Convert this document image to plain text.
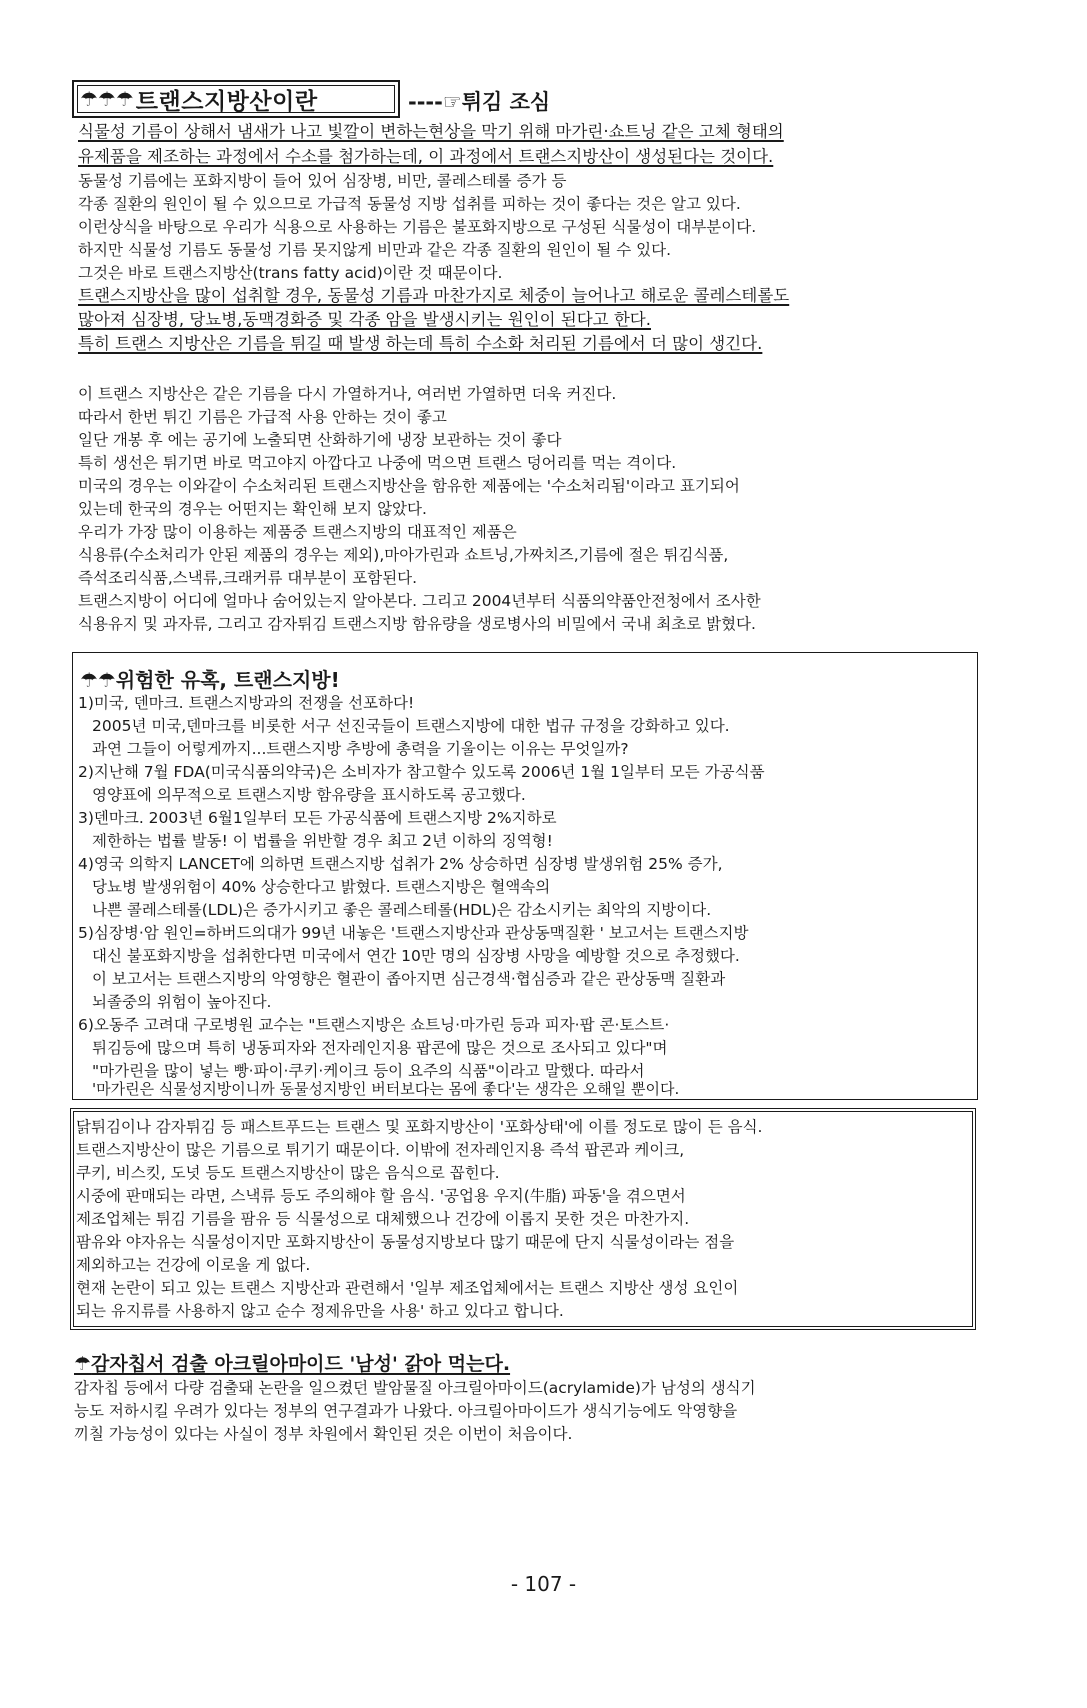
☂☂☂ 트랜스지방산이란	----☞튀김 조심
식물성 기름이 상해서 냄새가 나고 빛깔이 변하는현상을 막기 위해 마가린·쇼트닝 같은 고체 형태의
유제품을 제조하는 과정에서 수소를 첨가하는데, 이 과정에서 트랜스지방산이 생성된다는 것이다.
동물성 기름에는 포화지방이 들어 있어 심장병, 비만, 콜레스테롤 증가 등
각종 질환의 원인이 될 수 있으므로 가급적 동물성 지방 섭취를 피하는 것이 좋다는 것은 알고 있다.
이런상식을 바탕으로 우리가 식용으로 사용하는 기름은 불포화지방으로 구성된 식물성이 대부분이다.
하지만 식물성 기름도 동물성 기름 못지않게 비만과 같은 각종 질환의 원인이 될 수 있다.
그것은 바로 트랜스지방산(trans fatty acid)이란 것 때문이다.
트랜스지방산을 많이 섭취할 경우, 동물성 기름과 마찬가지로 체중이 늘어나고 해로운 콜레스테롤도
많아져 심장병, 당뇨병,동맥경화증 및 각종 암을 발생시키는 원인이 된다고 한다.
특히 트랜스 지방산은 기름을 튀길 때 발생 하는데 특히 수소화 처리된 기름에서 더 많이 생긴다.
이 트랜스 지방산은 같은 기름을 다시 가열하거나, 여러번 가열하면 더욱 커진다.
따라서 한번 튀긴 기름은 가급적 사용 안하는 것이 좋고
일단 개봉 후 에는 공기에 노출되면 산화하기에 냉장 보관하는 것이 좋다
특히 생선은 튀기면 바로 먹고야지 아깝다고 나중에 먹으면 트랜스 덩어리를 먹는 격이다.
미국의 경우는 이와같이 수소처리된 트랜스지방산을 함유한 제품에는 '수소처리됨'이라고 표기되어
있는데 한국의 경우는 어떤지는 확인해 보지 않았다.
우리가 가장 많이 이용하는 제품중 트랜스지방의 대표적인 제품은
식용류(수소처리가 안된 제품의 경우는 제외),마아가린과 쇼트닝,가짜치즈,기름에 절은 튀김식품,
즉석조리식품,스낵류,크래커류 대부분이 포함된다.
트랜스지방이 어디에 얼마나 숨어있는지 알아본다. 그리고 2004년부터 식품의약품안전청에서 조사한
식용유지 및 과자류, 그리고 감자튀김 트랜스지방 함유량을 생로병사의 비밀에서 국내 최초로 밝혔다.
☂☂위험한 유혹, 트랜스지방!
1)미국, 덴마크. 트랜스지방과의 전쟁을 선포하다!
2005년 미국,덴마크를 비롯한 서구 선진국들이 트랜스지방에 대한 법규 규정을 강화하고 있다.
과연 그들이 어렇게까지...트랜스지방 추방에 총력을 기울이는 이유는 무엇일까?
2)지난해 7월 FDA(미국식품의약국)은 소비자가 참고할수 있도록 2006년 1월 1일부터 모든 가공식품
영양표에 의무적으로 트랜스지방 함유량을 표시하도록 공고했다.
3)덴마크. 2003년 6월1일부터 모든 가공식품에 트랜스지방 2%지하로
제한하는 법률 발동! 이 법률을 위반할 경우 최고 2년 이하의 징역형!
4)영국 의학지 LANCET에 의하면 트랜스지방 섭취가 2% 상승하면 심장병 발생위험 25% 증가,
당뇨병 발생위험이 40% 상승한다고 밝혔다. 트랜스지방은 혈액속의
나쁜 콜레스테롤(LDL)은 증가시키고 좋은 콜레스테롤(HDL)은 감소시키는 최악의 지방이다.
5)심장병·암 원인=하버드의대가 99년 내놓은 '트랜스지방산과 관상동맥질환 ' 보고서는 트랜스지방
대신 불포화지방을 섭취한다면 미국에서 연간 10만 명의 심장병 사망을 예방할 것으로 추정했다.
이 보고서는 트랜스지방의 악영향은 혈관이 좁아지면 심근경색·협심증과 같은 관상동맥 질환과
뇌졸중의 위험이 높아진다.
6)오동주 고려대 구로병원 교수는 "트랜스지방은 쇼트닝·마가린 등과 피자·팝 콘·토스트·
튀김등에 많으며 특히 냉동피자와 전자레인지용 팝콘에 많은 것으로 조사되고 있다"며
"마가린을 많이 넣는 빵·파이·쿠키·케이크 등이 요주의 식품"이라고 말했다. 따라서
'마가린은 식물성지방이니까 동물성지방인 버터보다는 몸에 좋다'는 생각은 오해일 뿐이다.
닭튀김이나 감자튀김 등 패스트푸드는 트랜스 및 포화지방산이 '포화상태'에 이를 정도로 많이 든 음식.
트랜스지방산이 많은 기름으로 튀기기 때문이다. 이밖에 전자레인지용 즉석 팝콘과 케이크,
쿠키, 비스킷, 도넛 등도 트랜스지방산이 많은 음식으로 꼽힌다.
시중에 판매되는 라면, 스낵류 등도 주의해야 할 음식. '공업용 우지(牛脂) 파동'을 겪으면서
제조업체는 튀김 기름을 팜유 등 식물성으로 대체했으나 건강에 이롭지 못한 것은 마찬가지.
팜유와 야자유는 식물성이지만 포화지방산이 동물성지방보다 많기 때문에 단지 식물성이라는 점을
제외하고는 건강에 이로울 게 없다.
현재 논란이 되고 있는 트랜스 지방산과 관련해서 '일부 제조업체에서는 트랜스 지방산 생성 요인이
되는 유지류를 사용하지 않고 순수 정제유만을 사용' 하고 있다고 합니다.
☂감자칩서 검출 아크릴아마이드 '남성' 갉아 먹는다.
감자칩 등에서 다량 검출돼 논란을 일으켰던 발암물질 아크릴아마이드(acrylamide)가 남성의 생식기
능도 저하시킬 우려가 있다는 정부의 연구결과가 나왔다. 아크릴아마이드가 생식기능에도 악영향을
끼칠 가능성이 있다는 사실이 정부 차원에서 확인된 것은 이번이 처음이다.
- 107 -
